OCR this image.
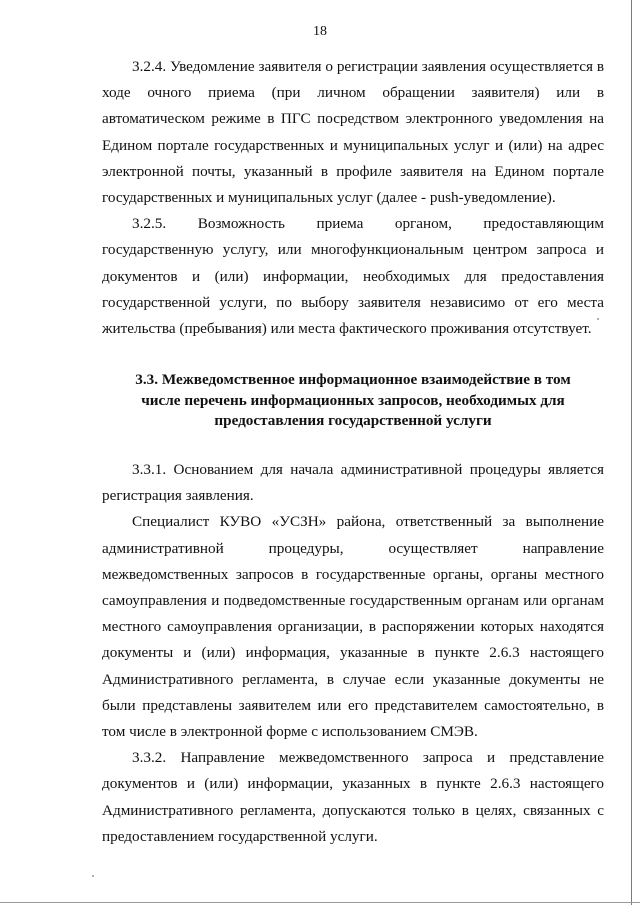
18

3.2.4. Уведомление заявителя о регистрации заявления осуществляется в ходе очного приема (при личном обращении заявителя) или в автоматическом режиме в ПГС посредством электронного уведомления на Едином портале государственных и муниципальных услуг и (или) на адрес электронной почты, указанный в профиле заявителя на Едином портале государственных и муниципальных услуг (далее - push-уведомление).

3.2.5. Возможность приема органом, предоставляющим государственную услугу, или многофункциональным центром запроса и документов и (или) информации, необходимых для предоставления государственной услуги, по выбору заявителя независимо от его места жительства (пребывания) или места фактического проживания отсутствует.

3.3. Межведомственное информационное взаимодействие в том числе перечень информационных запросов, необходимых для предоставления государственной услуги

3.3.1. Основанием для начала административной процедуры является регистрация заявления.

Специалист КУВО «УСЗН» района, ответственный за выполнение административной процедуры, осуществляет направление межведомственных запросов в государственные органы, органы местного самоуправления и подведомственные государственным органам или органам местного самоуправления организации, в распоряжении которых находятся документы и (или) информация, указанные в пункте 2.6.3 настоящего Административного регламента, в случае если указанные документы не были представлены заявителем или его представителем самостоятельно, в том числе в электронной форме с использованием СМЭВ.

3.3.2. Направление межведомственного запроса и представление документов и (или) информации, указанных в пункте 2.6.3 настоящего Административного регламента, допускаются только в целях, связанных с предоставлением государственной услуги.
